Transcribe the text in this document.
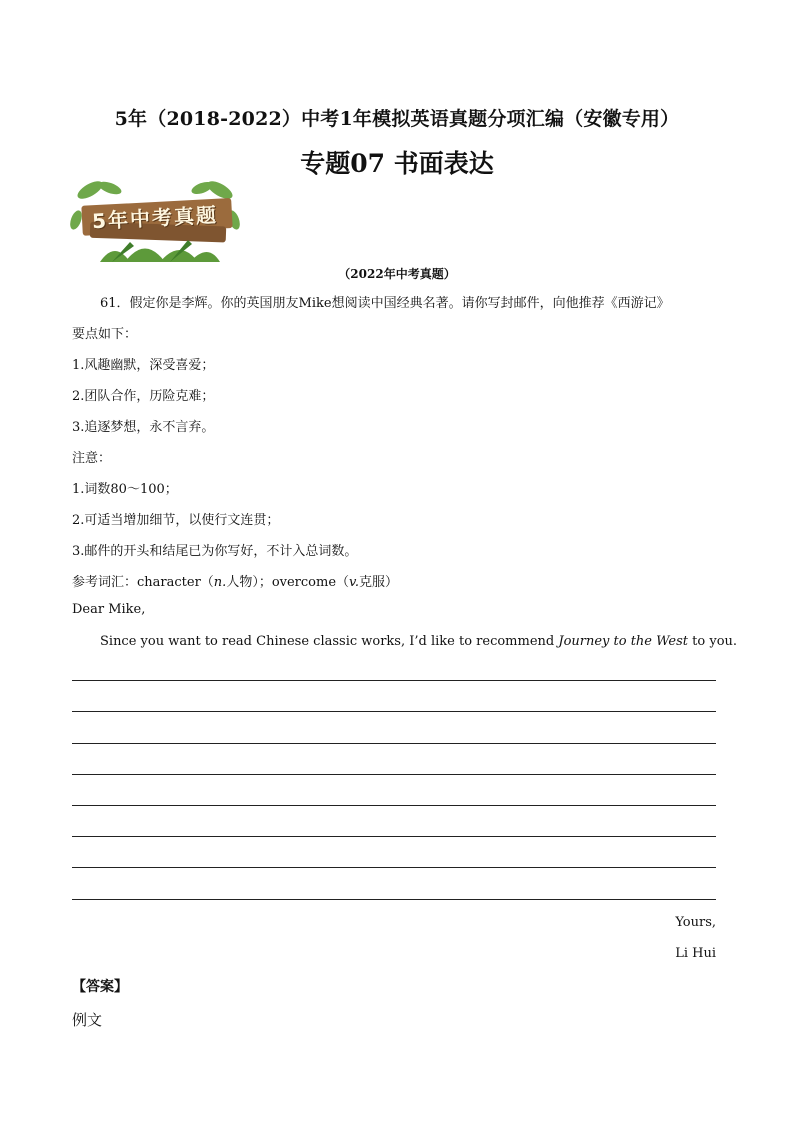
5年（2018-2022）中考1年模拟英语真题分项汇编（安徽专用）
专题07 书面表达
5年中考真题
（2022年中考真题）
61．假定你是李辉。你的英国朋友Mike想阅读中国经典名著。请你写封邮件，向他推荐《西游记》
要点如下：
1.风趣幽默，深受喜爱；
2.团队合作，历险克难；
3.追逐梦想，永不言弃。
注意：
1.词数80～100；
2.可适当增加细节，以使行文连贯；
3.邮件的开头和结尾已为你写好，不计入总词数。
参考词汇：character（n.人物）；overcome（v.克服）
Dear Mike,
Since you want to read Chinese classic works, I’d like to recommend Journey to the West to you.
Yours,
Li Hui
【答案】
例文
